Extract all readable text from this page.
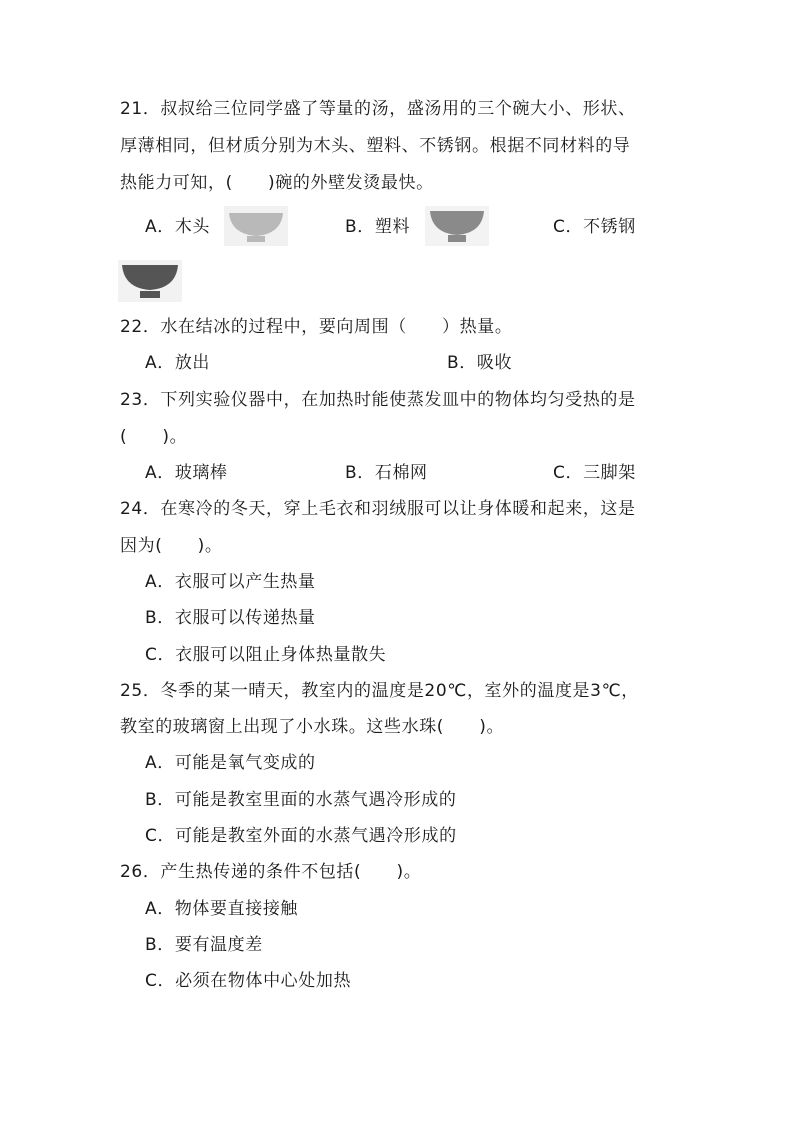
21．叔叔给三位同学盛了等量的汤，盛汤用的三个碗大小、形状、
厚薄相同，但材质分别为木头、塑料、不锈钢。根据不同材料的导
热能力可知，(　　)碗的外壁发烫最快。
A．木头	B．塑料	C．不锈钢
22．水在结冰的过程中，要向周围（　　）热量。
A．放出	B．吸收
23．下列实验仪器中，在加热时能使蒸发皿中的物体均匀受热的是
(　　)。
A．玻璃棒	B．石棉网	C．三脚架
24．在寒冷的冬天，穿上毛衣和羽绒服可以让身体暖和起来，这是
因为(　　)。
A．衣服可以产生热量
B．衣服可以传递热量
C．衣服可以阻止身体热量散失
25．冬季的某一晴天，教室内的温度是20℃，室外的温度是3℃，
教室的玻璃窗上出现了小水珠。这些水珠(　　)。
A．可能是氧气变成的
B．可能是教室里面的水蒸气遇冷形成的
C．可能是教室外面的水蒸气遇冷形成的
26．产生热传递的条件不包括(　　)。
A．物体要直接接触
B．要有温度差
C．必须在物体中心处加热
